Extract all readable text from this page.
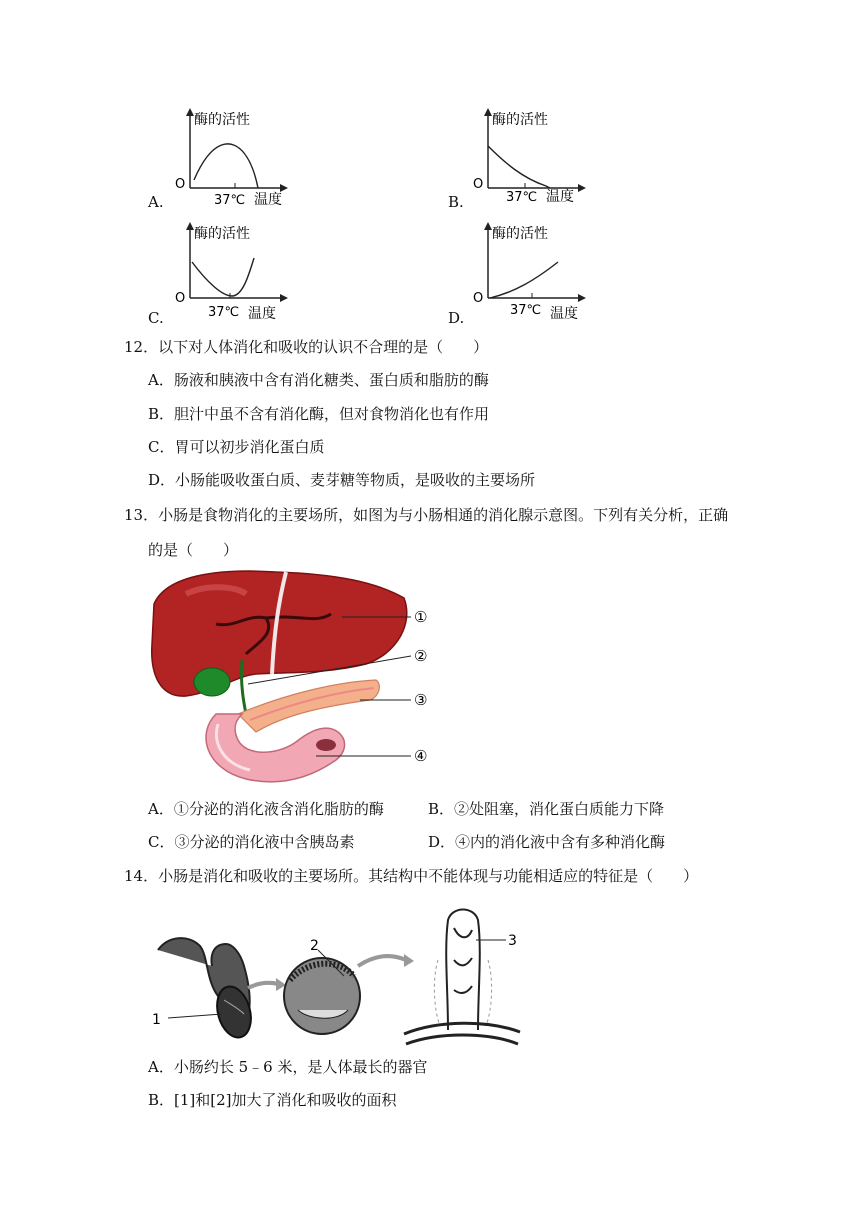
A.
O
酶的活性
37℃ 温度	B.
O
酶的活性
37℃ 温度
C.
O
酶的活性
37℃ 温度	D.
O
酶的活性
37℃ 温度
12．以下对人体消化和吸收的认识不合理的是（　　）
A．肠液和胰液中含有消化糖类、蛋白质和脂肪的酶
B．胆汁中虽不含有消化酶，但对食物消化也有作用
C．胃可以初步消化蛋白质
D．小肠能吸收蛋白质、麦芽糖等物质，是吸收的主要场所
13．小肠是食物消化的主要场所，如图为与小肠相通的消化腺示意图。下列有关分析，正确
的是（　　）
①
②
③
④
A．①分泌的消化液含消化脂肪的酶	B．②处阻塞，消化蛋白质能力下降
C．③分泌的消化液中含胰岛素	D．④内的消化液中含有多种消化酶
14．小肠是消化和吸收的主要场所。其结构中不能体现与功能相适应的特征是（　　）
1
2	3
A．小肠约长 5﹣6 米，是人体最长的器官
B．[1]和[2]加大了消化和吸收的面积
